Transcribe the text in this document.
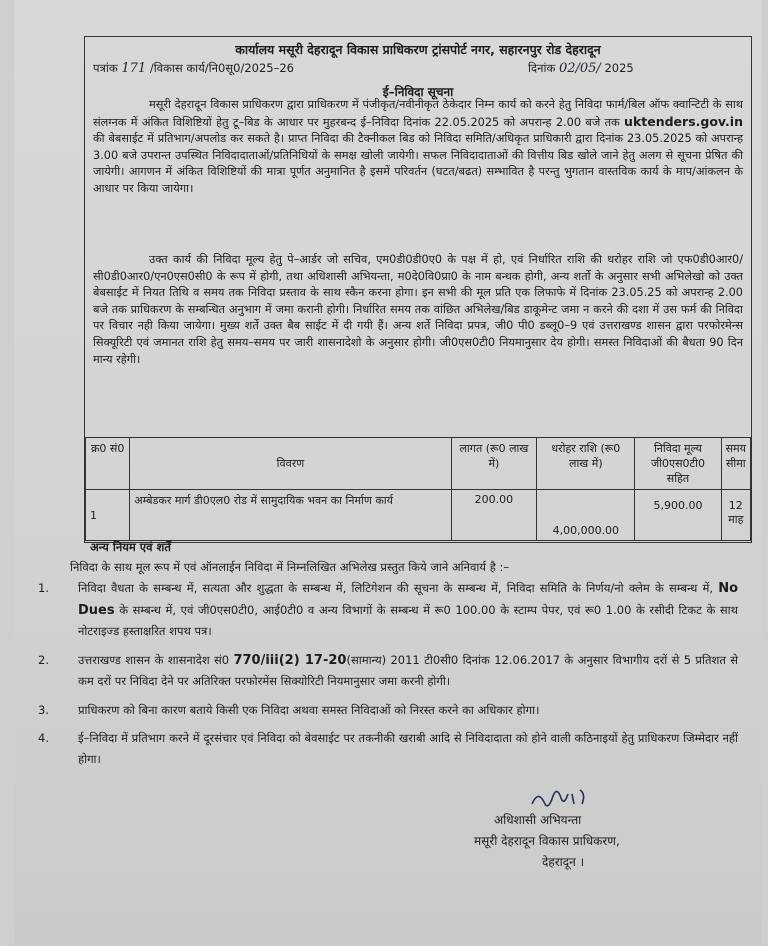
कार्यालय मसूरी देहरादून विकास प्राधिकरण ट्रांसपोर्ट नगर, सहारनपुर रोड देहरादून
पत्रांक 171 /विकास कार्य/नि0सू0/2025–26	दिनांक 02/05/ 2025
ई–निविदा सूचना
मसूरी देहरादून विकास प्राधिकरण द्वारा प्राधिकरण में पंजीकृत/नवीनीकृत ठेकेदार निम्न कार्य को करने हेतु निविदा फार्म/बिल ऑफ क्वान्टिटी के साथ संलग्नक में अंकित विशिष्टियों हेतु टू–बिड के आधार पर मुहरबन्द ई–निविदा दिनांक 22.05.2025 को अपरान्ह 2.00 बजे तक uktenders.gov.in की बेबसाईट में प्रतिभाग/अपलोड कर सकते है। प्राप्त निविदा की टैक्नीकल बिड को निविदा समिति/अधिकृत प्राधिकारी द्वारा दिनांक 23.05.2025 को अपरान्ह 3.00 बजे उपरान्त उपस्थित निविदादाताओं/प्रतिनिधियों के समक्ष खोली जायेगी। सफल निविदादाताओं की वित्तीय बिड खोले जाने हेतु अलग से सूचना प्रेषित की जायेगी। आगणन में अंकित विशिष्टियों की मात्रा पूर्णत अनुमानित है इसमें परिवर्तन (घटत/बढत) सम्भावित है परन्तु भुगतान वास्तविक कार्य के माप/आंकलन के आधार पर किया जायेगा।
उक्त कार्य की निविदा मूल्य हेतु पे–आर्डर जो सचिव, एम0डी0डी0ए0 के पक्ष में हो, एवं निर्धारित राशि की धरोहर राशि जो एफ0डी0आर0/सी0डी0आर0/एन0एस0सी0 के रूप में होगी, तथा अधिशासी अभियन्ता, म0दे0वि0प्रा0 के नाम बन्धक होगी, अन्य शर्तो के अनुसार सभी अभिलेखो को उक्त बेबसाईट में नियत तिथि व समय तक निविदा प्रस्ताव के साथ स्कैन करना होगा। इन सभी की मूल प्रति एक लिफाफे में दिनांक 23.05.25 को अपरान्ह 2.00 बजे तक प्राधिकरण के सम्बन्धित अनुभाग में जमा करानी होगी। निर्धारित समय तक वांछित अभिलेख/बिड डाकूमेन्ट जमा न करने की दशा में उस फर्म की निविदा पर विचार नही किया जायेगा। मुख्य शर्ते उक्त बैब साईट में दी गयी हैं। अन्य शर्ते निविदा प्रपत्र, जी0 पी0 डब्लू0–9 एवं उत्तराखण्ड शासन द्वारा परफोरमेन्स सिक्यूरिटी एवं जमानत राशि हेतु समय–समय पर जारी शासनादेशो के अनुसार होगी। जी0एस0टी0 नियमानुसार देय होगी। समस्त निविदाओं की बैधता 90 दिन मान्य रहेगी।
क्र0 सं0	विवरण	लागत (रू0 लाख में)	धरोहर राशि (रू0 लाख में)	निविदा मूल्य जी0एस0टी0 सहित	समय सीमा
1	अम्बेडकर मार्ग डी0एल0 रोड में सामुदायिक भवन का निर्माण कार्य	200.00	4,00,000.00	5,900.00	12 माह
अन्य नियम एवं शर्ते
निविदा के साथ मूल रूप में एवं ऑनलाईन निविदा में निम्नलिखित अभिलेख प्रस्तुत किये जाने अनिवार्य है :–
1.	निविदा वैधता के सम्बन्ध में, सत्यता और शुद्धता के सम्बन्ध में, लिटिगेशन की सूचना के सम्बन्ध में, निविदा समिति के निर्णय/नो क्लेम के सम्बन्ध में, No Dues के सम्बन्ध में, एवं जी0एस0टी0, आई0टी0 व अन्य विभागों के सम्बन्ध में रू0 100.00 के स्टाम्प पेपर, एवं रू0 1.00 के रसीदी टिकट के साथ नोटराइज्ड हस्ताक्षरित शपथ पत्र।
2.	उत्तराखण्ड शासन के शासनादेश सं0 770/iii(2) 17-20(सामान्य) 2011 टी0सी0 दिनांक 12.06.2017 के अनुसार विभागीय दरों से 5 प्रतिशत से कम दरों पर निविदा देने पर अतिरिक्त परफोरमेंस सिक्योरिटी नियमानुसार जमा करनी होगी।
3.	प्राधिकरण को बिना कारण बताये किसी एक निविदा अथवा समस्त निविदाओं को निरस्त करने का अधिकार होगा।
4.	ई–निविदा में प्रतिभाग करने में दूरसंचार एवं निविदा को बेवसाईट पर तकनीकी खराबी आदि से निविदादाता को होने वाली कठिनाइयों हेतु प्राधिकरण जिम्मेदार नहीं होगा।
अधिशासी अभियन्ता
मसूरी देहरादून विकास प्राधिकरण,
देहरादून ।
